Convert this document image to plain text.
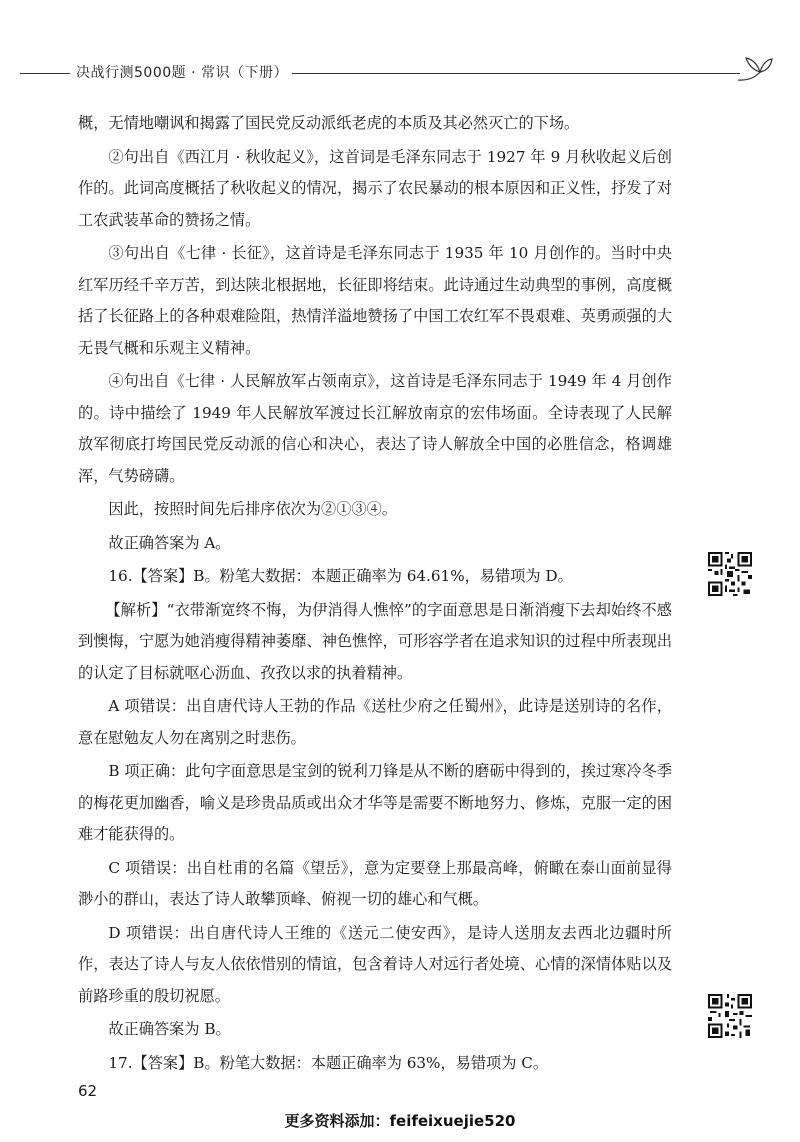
决战行测5000题 · 常识（下册）

概，无情地嘲讽和揭露了国民党反动派纸老虎的本质及其必然灭亡的下场。

②句出自《西江月 · 秋收起义》，这首词是毛泽东同志于 1927 年 9 月秋收起义后创作的。此词高度概括了秋收起义的情况，揭示了农民暴动的根本原因和正义性，抒发了对工农武装革命的赞扬之情。

③句出自《七律 · 长征》，这首诗是毛泽东同志于 1935 年 10 月创作的。当时中央红军历经千辛万苦，到达陕北根据地，长征即将结束。此诗通过生动典型的事例，高度概括了长征路上的各种艰难险阻，热情洋溢地赞扬了中国工农红军不畏艰难、英勇顽强的大无畏气概和乐观主义精神。

④句出自《七律 · 人民解放军占领南京》，这首诗是毛泽东同志于 1949 年 4 月创作的。诗中描绘了 1949 年人民解放军渡过长江解放南京的宏伟场面。全诗表现了人民解放军彻底打垮国民党反动派的信心和决心，表达了诗人解放全中国的必胜信念，格调雄浑，气势磅礴。

因此，按照时间先后排序依次为②①③④。

故正确答案为 A。

16.【答案】B。粉笔大数据：本题正确率为 64.61%，易错项为 D。

【解析】“衣带渐宽终不悔，为伊消得人憔悴”的字面意思是日渐消瘦下去却始终不感到懊悔，宁愿为她消瘦得精神萎靡、神色憔悴，可形容学者在追求知识的过程中所表现出的认定了目标就呕心沥血、孜孜以求的执着精神。

A 项错误：出自唐代诗人王勃的作品《送杜少府之任蜀州》，此诗是送别诗的名作，意在慰勉友人勿在离别之时悲伤。

B 项正确：此句字面意思是宝剑的锐利刀锋是从不断的磨砺中得到的，挨过寒冷冬季的梅花更加幽香，喻义是珍贵品质或出众才华等是需要不断地努力、修炼，克服一定的困难才能获得的。

C 项错误：出自杜甫的名篇《望岳》，意为定要登上那最高峰，俯瞰在泰山面前显得渺小的群山，表达了诗人敢攀顶峰、俯视一切的雄心和气概。

D 项错误：出自唐代诗人王维的《送元二使安西》，是诗人送朋友去西北边疆时所作，表达了诗人与友人依依惜别的情谊，包含着诗人对远行者处境、心情的深情体贴以及前路珍重的殷切祝愿。

故正确答案为 B。

17.【答案】B。粉笔大数据：本题正确率为 63%，易错项为 C。

62
更多资料添加：feifeixuejie520
